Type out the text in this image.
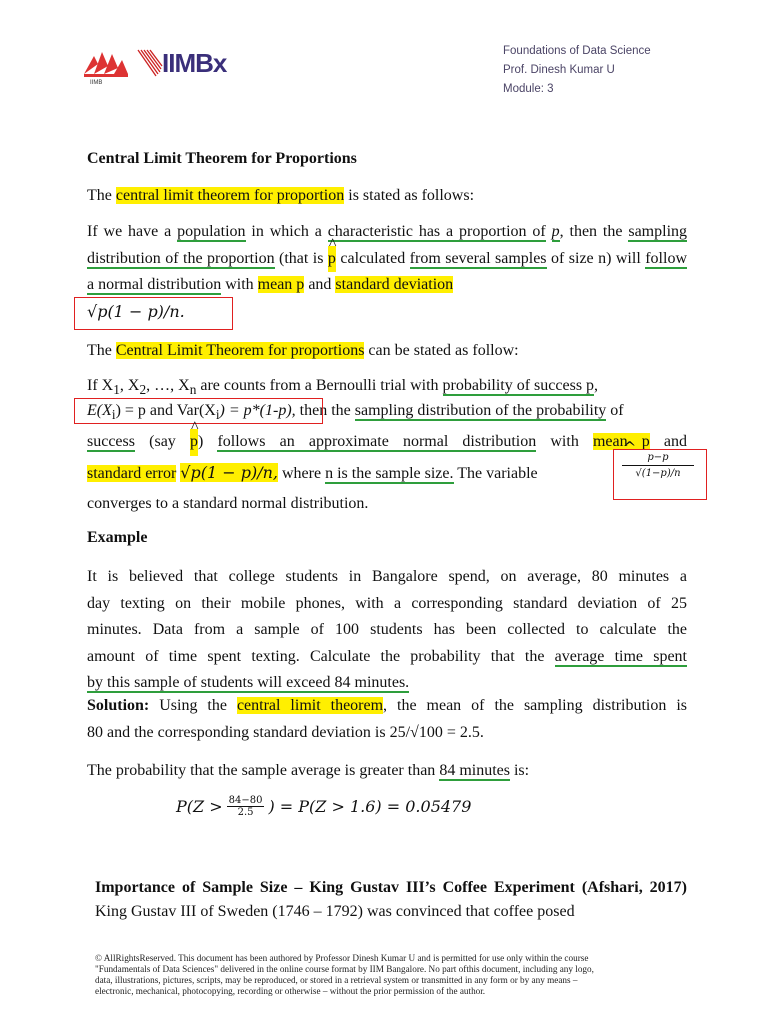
IIMB
IIMBx	Foundations of Data Science
Prof. Dinesh Kumar U
Module: 3
Central Limit Theorem for Proportions
The central limit theorem for proportion is stated as follows:
If we have a population in which a characteristic has a proportion of p, then the sampling distribution of the proportion (that is ^ p calculated from several samples of size n) will follow a normal distribution with mean p and standard deviation
√p(1 − p)/n.
The Central Limit Theorem for proportions can be stated as follow:
If $X_1$, $X_2$, …, $X_n$ are counts from a Bernoulli trial with probability of success p,
$E(X_i) = p$ and $Var(X_i) = p*(1-p)$, then the sampling distribution of the probability of
success (say ^ p) follows an approximate normal distribution with mean p and
standard error √p(1 − p)/n, where n is the sample size. The variable
^ p−p
√(1−p)/n
converges to a standard normal distribution.
Example
It is believed that college students in Bangalore spend, on average, 80 minutes a
day texting on their mobile phones, with a corresponding standard deviation of 25
minutes. Data from a sample of 100 students has been collected to calculate the
amount of time spent texting. Calculate the probability that the average time spent
by this sample of students will exceed 84 minutes.
Solution: Using the central limit theorem, the mean of the sampling distribution is
80 and the corresponding standard deviation is 25/√100 = 2.5.
The probability that the sample average is greater than 84 minutes is:
P(Z > 84−80
2.5 ) = P(Z > 1.6) = 0.05479
Importance of Sample Size – King Gustav III’s Coffee Experiment (Afshari, 2017) King Gustav III of Sweden (1746 – 1792) was convinced that coffee posed
© AllRightsReserved. This document has been authored by Professor Dinesh Kumar U and is permitted for use only within the course
"Fundamentals of Data Sciences" delivered in the online course format by IIM Bangalore. No part ofthis document, including any logo,
data, illustrations, pictures, scripts, may be reproduced, or stored in a retrieval system or transmitted in any form or by any means –
electronic, mechanical, photocopying, recording or otherwise – without the prior permission of the author.
